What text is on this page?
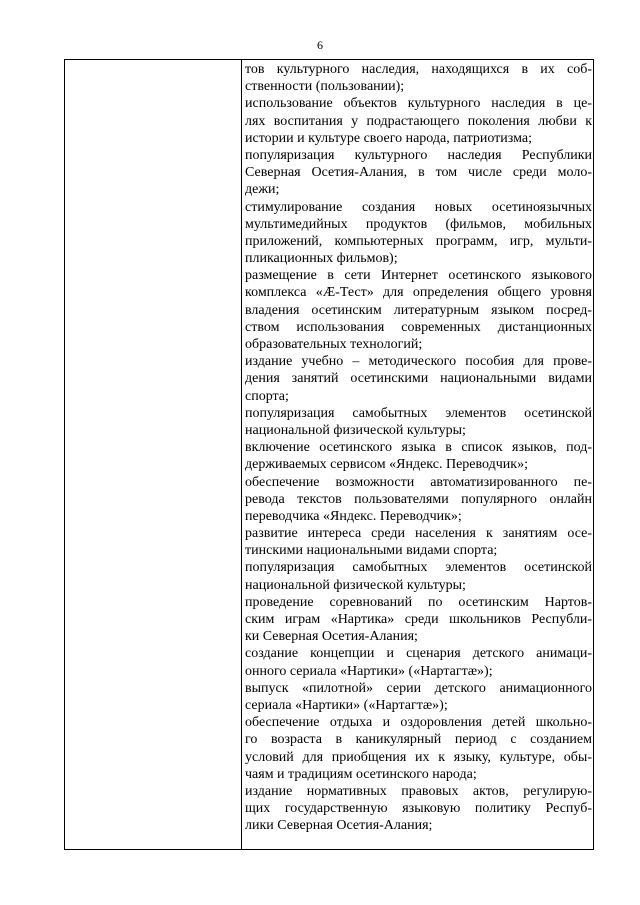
6
тов культурного наследия, находящихся в их соб-
ственности (пользовании);
использование объектов культурного наследия в це-
лях воспитания у подрастающего поколения любви к
истории и культуре своего народа, патриотизма;
популяризация культурного наследия Республики
Северная Осетия-Алания, в том числе среди моло-
дежи;
стимулирование создания новых осетиноязычных
мультимедийных продуктов (фильмов, мобильных
приложений, компьютерных программ, игр, мульти-
пликационных фильмов);
размещение в сети Интернет осетинского языкового
комплекса «Æ-Тест» для определения общего уровня
владения осетинским литературным языком посред-
ством использования современных дистанционных
образовательных технологий;
издание учебно – методического пособия для прове-
дения занятий осетинскими национальными видами
спорта;
популяризация самобытных элементов осетинской
национальной физической культуры;
включение осетинского языка в список языков, под-
держиваемых сервисом «Яндекс. Переводчик»;
обеспечение возможности автоматизированного пе-
ревода текстов пользователями популярного онлайн
переводчика «Яндекс. Переводчик»;
развитие интереса среди населения к занятиям осе-
тинскими национальными видами спорта;
популяризация самобытных элементов осетинской
национальной физической культуры;
проведение соревнований по осетинским Нартов-
ским играм «Нартика» среди школьников Республи-
ки Северная Осетия-Алания;
создание концепции и сценария детского анимаци-
онного сериала «Нартики» («Нартагтæ»);
выпуск «пилотной» серии детского анимационного
сериала «Нартики» («Нартагтæ»);
обеспечение отдыха и оздоровления детей школьно-
го возраста в каникулярный период с созданием
условий для приобщения их к языку, культуре, обы-
чаям и традициям осетинского народа;
издание нормативных правовых актов, регулирую-
щих государственную языковую политику Респуб-
лики Северная Осетия-Алания;
